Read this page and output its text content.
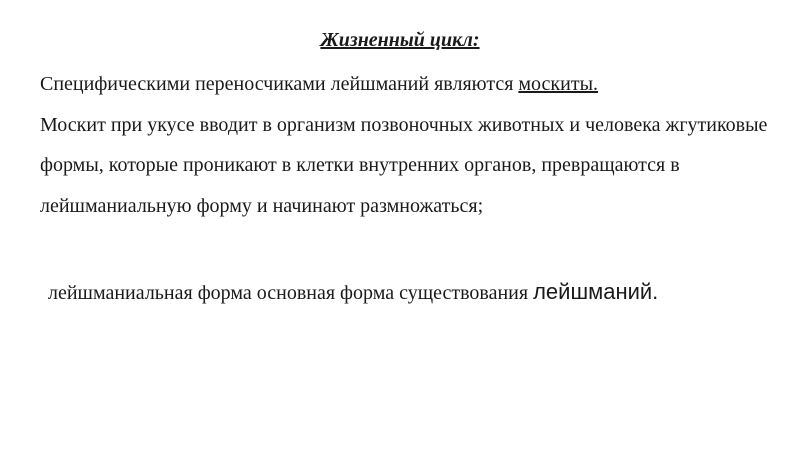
Жизненный цикл:

Специфическими переносчиками лейшманий являются москиты.

Москит при укусе вводит в организм позвоночных животных и человека жгутиковые формы, которые проникают в клетки внутренних органов, превращаются в лейшманиальную форму и начинают размножаться;

лейшманиальная форма основная форма существования лейшманий.
